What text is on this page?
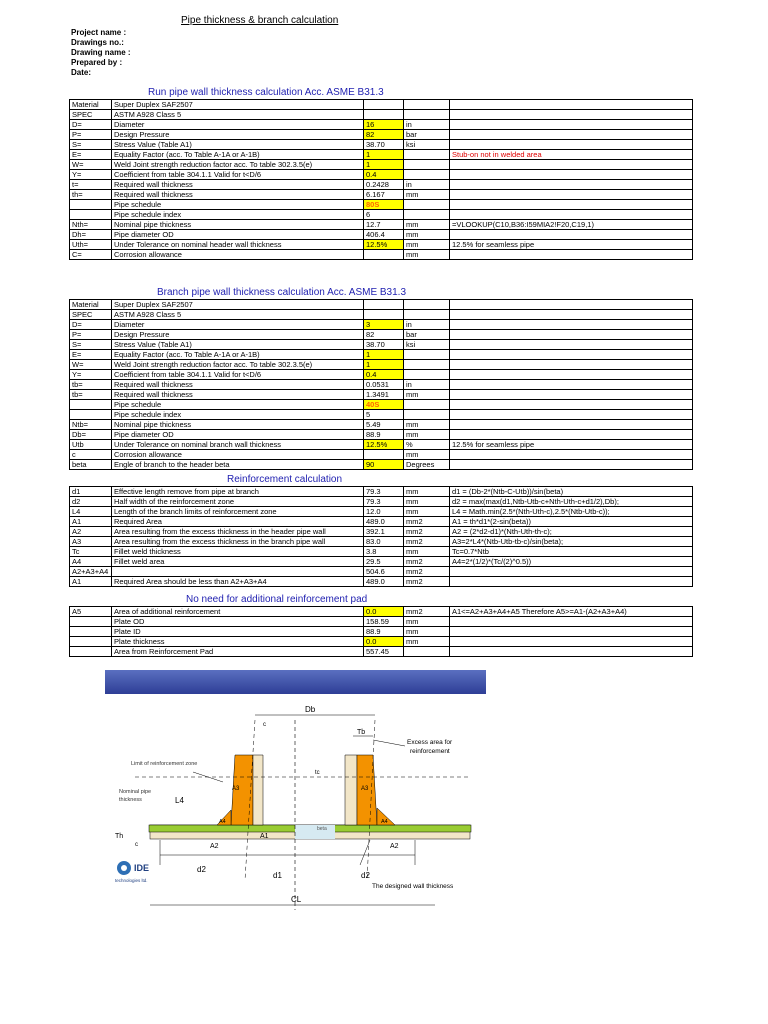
Pipe thickness & branch calculation
Project name :
Drawings no.:
Drawing name :
Prepared by :
Date:
Run pipe wall thickness calculation Acc. ASME B31.3
Material	Super Duplex SAF2507			
SPEC	ASTM A928 Class 5			
D=	Diameter	16	in	
P=	Design Pressure	82	bar	
S=	Stress Value (Table A1)	38.70	ksi	
E=	Equality Factor (acc. To Table A-1A or A-1B)	1		Stub-on not in welded area
W=	Weld Joint strength reduction factor acc. To table 302.3.5(e)	1		
Y=	Coefficient from table 304.1.1 Valid for t<D/6	0.4		
t=	Required wall thickness	0.2428	in	
th=	Required wall thickness	6.167	mm	
	Pipe schedule	80S		
	Pipe schedule index	6		
Nth=	Nominal pipe thickness	12.7	mm	=VLOOKUP(C10,B36:I59MIA2!F20,C19,1)
Dh=	Pipe diameter OD	406.4	mm	
Uth=	Under Tolerance on nominal header wall thickness	12.5%	mm	12.5% for seamless pipe
C=	Corrosion allowance		mm	
Branch pipe wall thickness calculation Acc. ASME B31.3
Material	Super Duplex SAF2507			
SPEC	ASTM A928 Class 5			
D=	Diameter	3	in	
P=	Design Pressure	82	bar	
S=	Stress Value (Table A1)	38.70	ksi	
E=	Equality Factor (acc. To Table A-1A or A-1B)	1		
W=	Weld Joint strength reduction factor acc. To table 302.3.5(e)	1		
Y=	Coefficient from table 304.1.1 Valid for t<D/6	0.4		
tb=	Required wall thickness	0.0531	in	
tb=	Required wall thickness	1.3491	mm	
	Pipe schedule	40S		
	Pipe schedule index	5		
Ntb=	Nominal pipe thickness	5.49	mm	
Db=	Pipe diameter OD	88.9	mm	
Utb	Under Tolerance on nominal branch wall thickness	12.5%	%	12.5% for seamless pipe
c	Corrosion allowance		mm	
beta	Engle of branch to the header beta	90	Degrees	
Reinforcement calculation
d1	Effective length remove from pipe at branch	79.3	mm	d1 = (Db-2*(Ntb-C-Utb))/sin(beta)
d2	Half width of the reinforcement zone	79.3	mm	d2 = max(max(d1,Ntb-Utb-c+Nth-Uth-c+d1/2),Db);
L4	Length of the branch limits of reinforcement zone	12.0	mm	L4 = Math.min(2.5*(Nth-Uth-c),2.5*(Ntb-Utb-c));
A1	Required Area	489.0	mm2	A1 = th*d1*(2-sin(beta))
A2	Area resulting from the excess thickness in the header pipe wall	392.1	mm2	A2 = (2*d2-d1)*(Nth-Uth-th-c);
A3	Area resulting from the excess thickness in the branch pipe wall	83.0	mm2	A3=2*L4*(Ntb-Utb-tb-c)/sin(beta);
Tc	Fillet weld thickness	3.8	mm	Tc=0.7*Ntb
A4	Fillet weld area	29.5	mm2	A4=2*(1/2)*(Tc/(2)^0.5))
A2+A3+A4		504.6	mm2	
A1	Required Area should be less than A2+A3+A4	489.0	mm2	
No need for additional reinforcement pad
A5	Area of additional reinforcement	0.0	mm2	A1<=A2+A3+A4+A5 Therefore A5>=A1-(A2+A3+A4)
	Plate OD	158.59	mm	
	Plate ID	88.9	mm	
	Plate thickness	0.0	mm	
	Area from Reinforcement Pad	557.45		
Db
Tb
c
Excess area for
reinforcement
Limit of reinforcement zone
Nominal pipe
thickness	L4
A3	A3
A4	A4
tc
Th
c	A2
A1
beta
A2
d2
d1	d2
CL
The designed wall thickness
IDE
technologies ltd.
